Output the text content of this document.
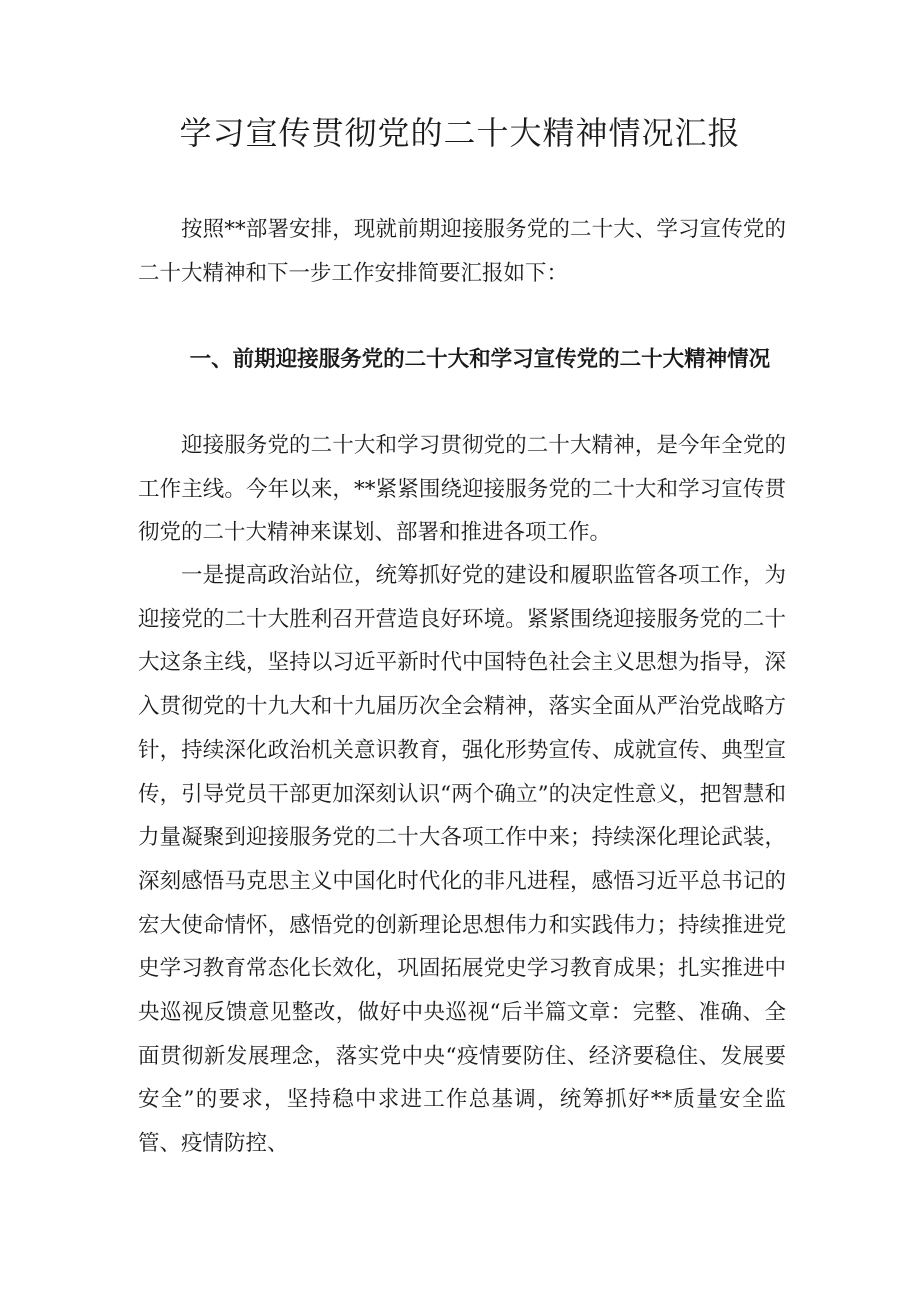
学习宣传贯彻党的二十大精神情况汇报

按照**部署安排，现就前期迎接服务党的二十大、学习宣传党的二十大精神和下一步工作安排简要汇报如下：

一、前期迎接服务党的二十大和学习宣传党的二十大精神情况

迎接服务党的二十大和学习贯彻党的二十大精神，是今年全党的工作主线。今年以来，**紧紧围绕迎接服务党的二十大和学习宣传贯彻党的二十大精神来谋划、部署和推进各项工作。

一是提高政治站位，统筹抓好党的建设和履职监管各项工作，为迎接党的二十大胜利召开营造良好环境。紧紧围绕迎接服务党的二十大这条主线，坚持以习近平新时代中国特色社会主义思想为指导，深入贯彻党的十九大和十九届历次全会精神，落实全面从严治党战略方针，持续深化政治机关意识教育，强化形势宣传、成就宣传、典型宣传，引导党员干部更加深刻认识“两个确立”的决定性意义，把智慧和力量凝聚到迎接服务党的二十大各项工作中来；持续深化理论武装，深刻感悟马克思主义中国化时代化的非凡进程，感悟习近平总书记的宏大使命情怀，感悟党的创新理论思想伟力和实践伟力；持续推进党史学习教育常态化长效化，巩固拓展党史学习教育成果；扎实推进中央巡视反馈意见整改，做好中央巡视“后半篇文章：完整、准确、全面贯彻新发展理念，落实党中央“疫情要防住、经济要稳住、发展要安全”的要求，坚持稳中求进工作总基调，统筹抓好**质量安全监管、疫情防控、
